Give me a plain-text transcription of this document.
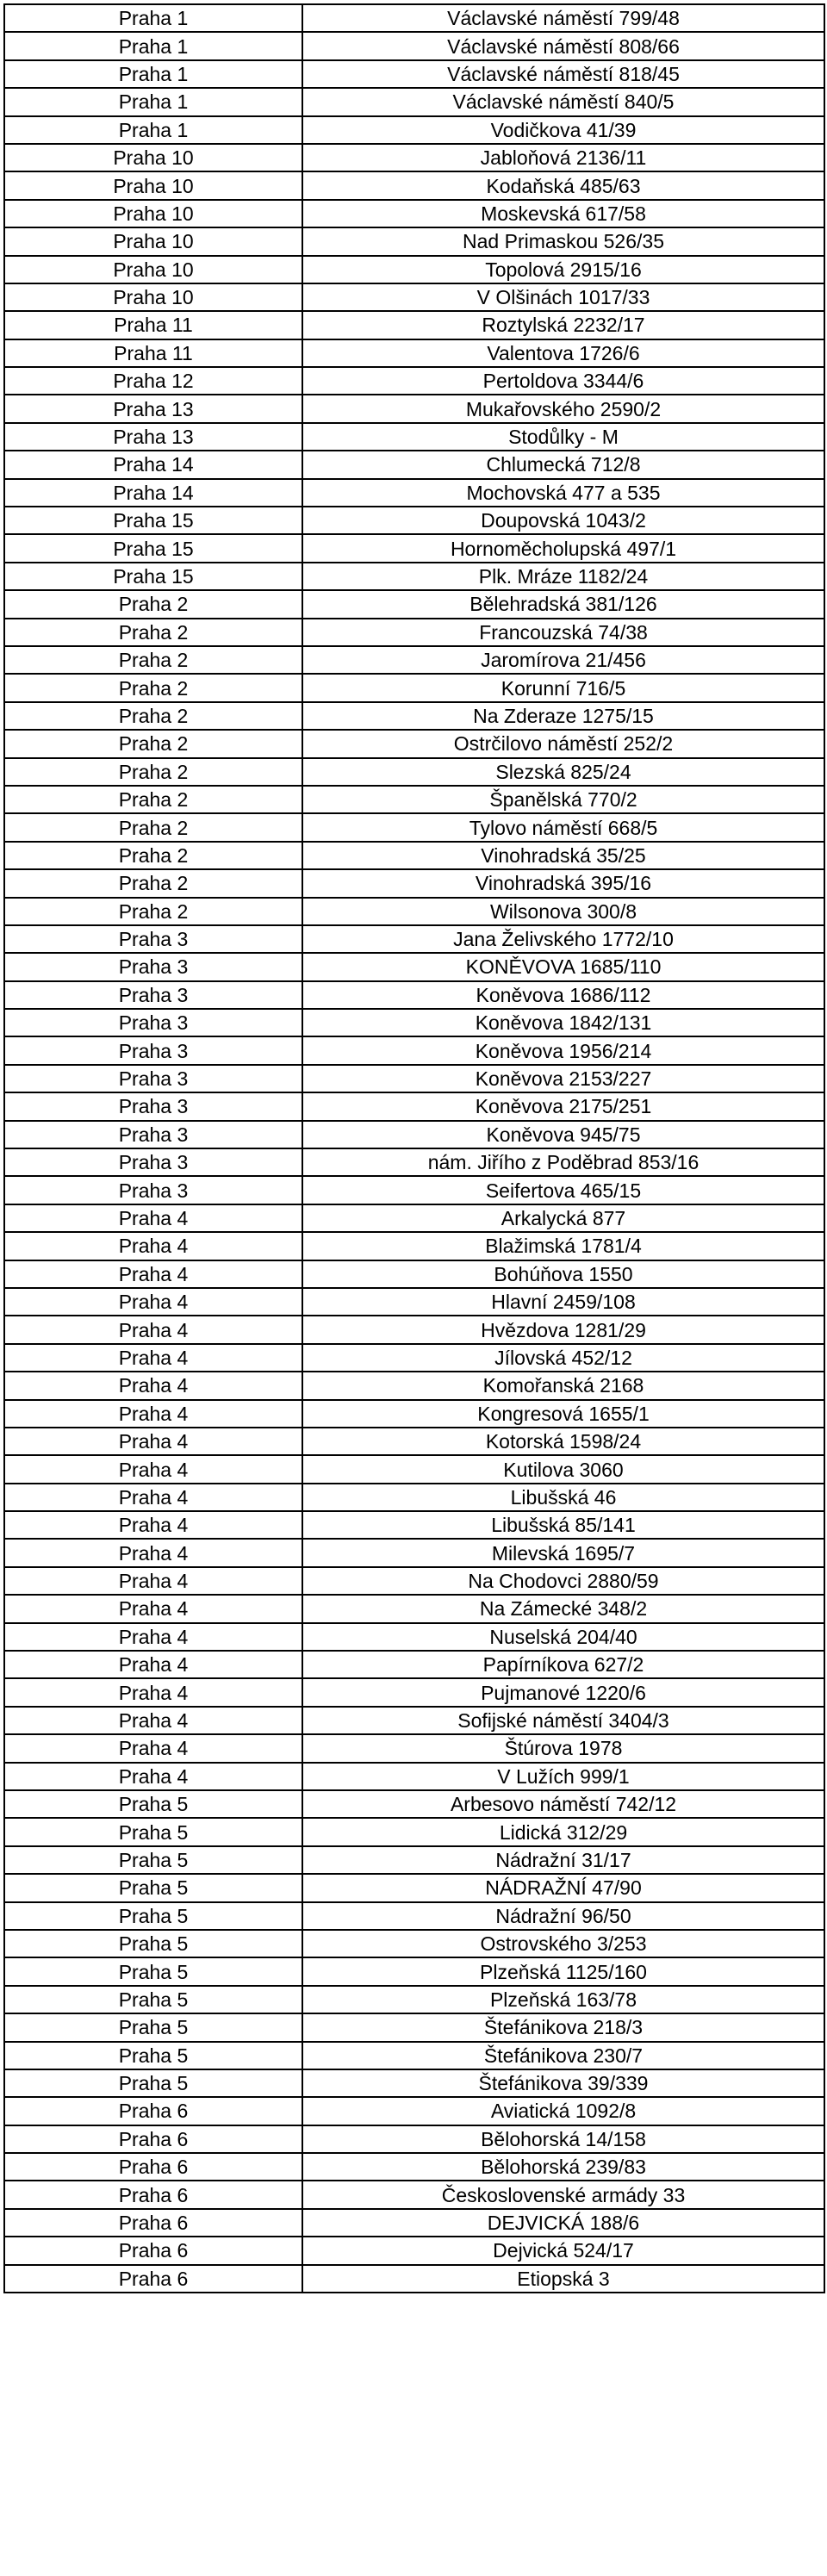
Praha 1	Václavské náměstí 799/48
Praha 1	Václavské náměstí 808/66
Praha 1	Václavské náměstí 818/45
Praha 1	Václavské náměstí 840/5
Praha 1	Vodičkova 41/39
Praha 10	Jabloňová 2136/11
Praha 10	Kodaňská 485/63
Praha 10	Moskevská 617/58
Praha 10	Nad Primaskou 526/35
Praha 10	Topolová 2915/16
Praha 10	V Olšinách 1017/33
Praha 11	Roztylská 2232/17
Praha 11	Valentova 1726/6
Praha 12	Pertoldova 3344/6
Praha 13	Mukařovského 2590/2
Praha 13	Stodůlky - M
Praha 14	Chlumecká 712/8
Praha 14	Mochovská 477 a 535
Praha 15	Doupovská 1043/2
Praha 15	Hornoměcholupská 497/1
Praha 15	Plk. Mráze 1182/24
Praha 2	Bělehradská 381/126
Praha 2	Francouzská 74/38
Praha 2	Jaromírova 21/456
Praha 2	Korunní 716/5
Praha 2	Na Zderaze 1275/15
Praha 2	Ostrčilovo náměstí 252/2
Praha 2	Slezská 825/24
Praha 2	Španělská 770/2
Praha 2	Tylovo náměstí 668/5
Praha 2	Vinohradská 35/25
Praha 2	Vinohradská 395/16
Praha 2	Wilsonova 300/8
Praha 3	Jana Želivského 1772/10
Praha 3	KONĚVOVA 1685/110
Praha 3	Koněvova 1686/112
Praha 3	Koněvova 1842/131
Praha 3	Koněvova 1956/214
Praha 3	Koněvova 2153/227
Praha 3	Koněvova 2175/251
Praha 3	Koněvova 945/75
Praha 3	nám. Jiřího z Poděbrad 853/16
Praha 3	Seifertova 465/15
Praha 4	Arkalycká 877
Praha 4	Blažimská 1781/4
Praha 4	Bohúňova 1550
Praha 4	Hlavní 2459/108
Praha 4	Hvězdova 1281/29
Praha 4	Jílovská 452/12
Praha 4	Komořanská 2168
Praha 4	Kongresová 1655/1
Praha 4	Kotorská 1598/24
Praha 4	Kutilova 3060
Praha 4	Libušská 46
Praha 4	Libušská 85/141
Praha 4	Milevská 1695/7
Praha 4	Na Chodovci 2880/59
Praha 4	Na Zámecké 348/2
Praha 4	Nuselská 204/40
Praha 4	Papírníkova 627/2
Praha 4	Pujmanové 1220/6
Praha 4	Sofijské náměstí 3404/3
Praha 4	Štúrova 1978
Praha 4	V Lužích 999/1
Praha 5	Arbesovo náměstí 742/12
Praha 5	Lidická 312/29
Praha 5	Nádražní 31/17
Praha 5	NÁDRAŽNÍ 47/90
Praha 5	Nádražní 96/50
Praha 5	Ostrovského 3/253
Praha 5	Plzeňská 1125/160
Praha 5	Plzeňská 163/78
Praha 5	Štefánikova 218/3
Praha 5	Štefánikova 230/7
Praha 5	Štefánikova 39/339
Praha 6	Aviatická 1092/8
Praha 6	Bělohorská 14/158
Praha 6	Bělohorská 239/83
Praha 6	Československé armády 33
Praha 6	DEJVICKÁ 188/6
Praha 6	Dejvická 524/17
Praha 6	Etiopská 3
